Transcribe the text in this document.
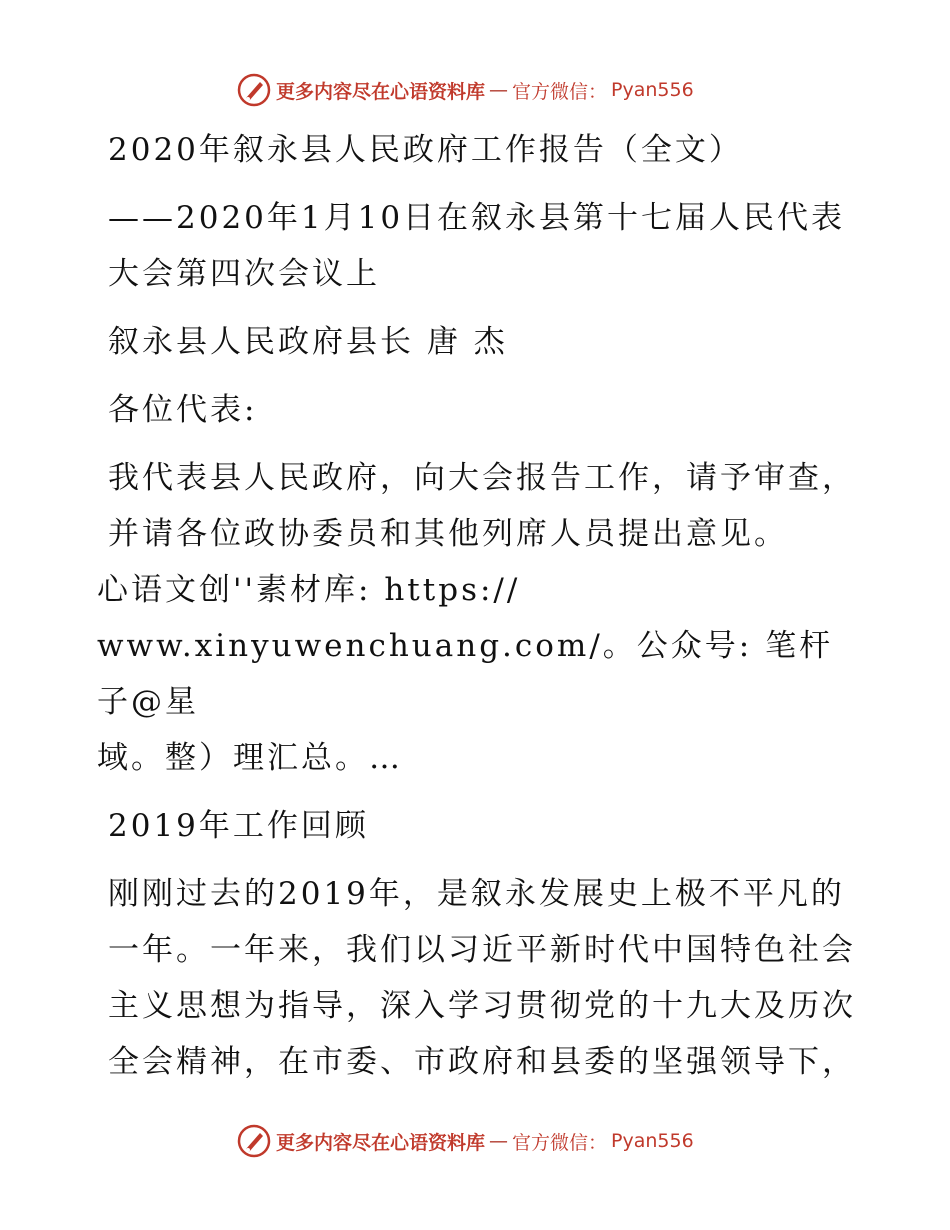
更多内容尽在心语资料库 — 官方微信： Pyan556

2020年叙永县人民政府工作报告（全文）

——2020年1月10日在叙永县第十七届人民代表大会第四次会议上

叙永县人民政府县长 唐 杰

各位代表:

我代表县人民政府，向大会报告工作，请予审查，并请各位政协委员和其他列席人员提出意见。
心语文创''素材库: https://
www.xinyuwenchuang.com/。公众号: 笔杆子@星
域。整）理汇总。…

2019年工作回顾

刚刚过去的2019年，是叙永发展史上极不平凡的一年。一年来，我们以习近平新时代中国特色社会主义思想为指导，深入学习贯彻党的十九大及历次全会精神，在市委、市政府和县委的坚强领导下，

更多内容尽在心语资料库 — 官方微信： Pyan556
